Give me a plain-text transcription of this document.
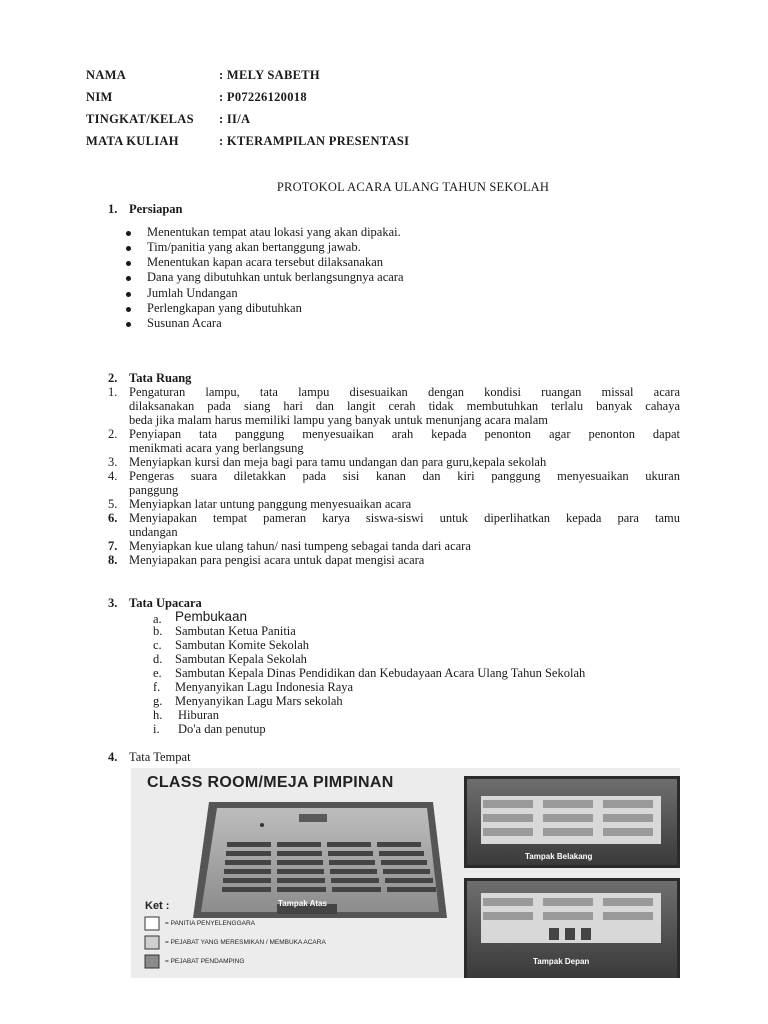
NAMA	: MELY SABETH
NIM	: P07226120018
TINGKAT/KELAS : II/A
MATA KULIAH	: KTERAMPILAN PRESENTASI
PROTOKOL ACARA ULANG TAHUN SEKOLAH
1. Persiapan
Menentukan tempat atau lokasi yang akan dipakai.
Tim/panitia yang akan bertanggung jawab.
Menentukan kapan acara tersebut dilaksanakan
Dana yang dibutuhkan untuk berlangsungnya acara
Jumlah Undangan
Perlengkapan yang dibutuhkan
Susunan Acara
2. Tata Ruang
1. Pengaturan lampu, tata lampu disesuaikan dengan kondisi ruangan missal acara
dilaksanakan pada siang hari dan langit cerah tidak membutuhkan terlalu banyak cahaya
beda jika malam harus memiliki lampu yang banyak untuk menunjang acara malam
2. Penyiapan tata panggung menyesuaikan arah kepada penonton agar penonton dapat
menikmati acara yang berlangsung
3. Menyiapkan kursi dan meja bagi para tamu undangan dan para guru,kepala sekolah
4. Pengeras suara diletakkan pada sisi kanan dan kiri panggung menyesuaikan ukuran
panggung
5. Menyiapkan latar untung panggung menyesuaikan acara
6. Menyiapakan tempat pameran karya siswa-siswi untuk diperlihatkan kepada para tamu
undangan
7. Menyiapkan kue ulang tahun/ nasi tumpeng sebagai tanda dari acara
8. Menyiapakan para pengisi acara untuk dapat mengisi acara
3. Tata Upacara
a. Pembukaan
b. Sambutan Ketua Panitia
c. Sambutan Komite Sekolah
d. Sambutan Kepala Sekolah
e. Sambutan Kepala Dinas Pendidikan dan Kebudayaan Acara Ulang Tahun Sekolah
f. Menyanyikan Lagu Indonesia Raya
g. Menyanyikan Lagu Mars sekolah
h. Hiburan
i. Do'a dan penutup
4. Tata Tempat
CLASS ROOM/MEJA PIMPINAN
Tampak Atas
Tampak Belakang
Tampak Depan
Ket :
= PANITIA PENYELENGGARA
= PEJABAT YANG MERESMIKAN / MEMBUKA ACARA
= PEJABAT PENDAMPING
